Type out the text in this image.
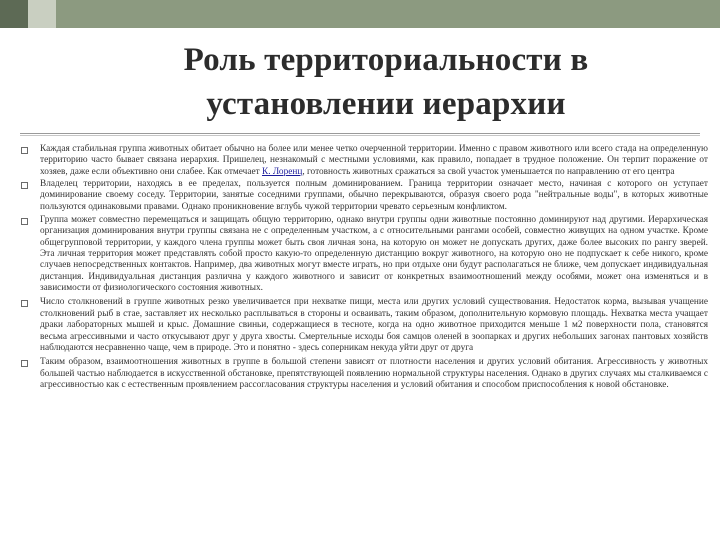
Роль территориальности в установлении иерархии
Каждая стабильная группа животных обитает обычно на более или менее четко очерченной территории. Именно с правом животного или всего стада на определенную территорию часто бывает связана иерархия. Пришелец, незнакомый с местными условиями, как правило, попадает в трудное положение. Он терпит поражение от хозяев, даже если объективно они слабее. Как отмечает К. Лоренц, готовность животных сражаться за свой участок уменьшается по направлению от его центра
Владелец территории, находясь в ее пределах, пользуется полным доминированием. Граница территории означает место, начиная с которого он уступает доминирование своему соседу. Территории, занятые соседними группами, обычно перекрываются, образуя своего рода "нейтральные воды", в которых животные пользуются одинаковыми правами. Однако проникновение вглубь чужой территории чревато серьезным конфликтом.
Группа может совместно перемещаться и защищать общую территорию, однако внутри группы одни животные постоянно доминируют над другими. Иерархическая организация доминирования внутри группы связана не с определенным участком, а с относительными рангами особей, совместно живущих на одном участке. Кроме общегрупповой территории, у каждого члена группы может быть своя личная зона, на которую он может не допускать других, даже более высоких по рангу зверей. Эта личная территория может представлять собой просто какую-то определенную дистанцию вокруг животного, на которую оно не подпускает к себе никого, кроме случаев непосредственных контактов. Например, два животных могут вместе играть, но при отдыхе они будут располагаться не ближе, чем допускает индивидуальная дистанция. Индивидуальная дистанция различна у каждого животного и зависит от конкретных взаимоотношений между особями, может она изменяться и в зависимости от физиологического состояния животных.
Число столкновений в группе животных резко увеличивается при нехватке пищи, места или других условий существования. Недостаток корма, вызывая учащение столкновений рыб в стае, заставляет их несколько расплываться в стороны и осваивать, таким образом, дополнительную кормовую площадь. Нехватка места учащает драки лабораторных мышей и крыс. Домашние свиньи, содержащиеся в тесноте, когда на одно животное приходится меньше 1 м2 поверхности пола, становятся весьма агрессивными и часто откусывают друг у друга хвосты. Смертельные исходы боя самцов оленей в зоопарках и других небольших загонах пантовых хозяйств наблюдаются несравненно чаще, чем в природе. Это и понятно - здесь соперникам некуда уйти друг от друга
Таким образом, взаимоотношения животных в группе в большой степени зависят от плотности населения и других условий обитания. Агрессивность у животных большей частью наблюдается в искусственной обстановке, препятствующей появлению нормальной структуры населения. Однако в других случаях мы сталкиваемся с агрессивностью как с естественным проявлением рассогласования структуры населения и условий обитания и способом приспособления к новой обстановке.
